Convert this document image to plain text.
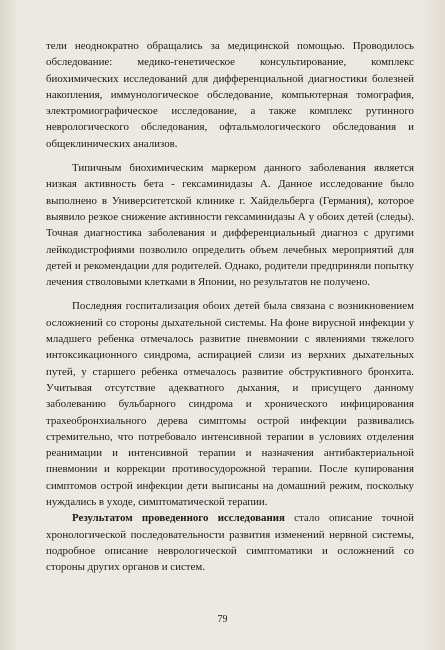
тели неоднократно обращались за медицинской помощью. Проводилось обследование: медико-генетическое консультирование, комплекс биохимических исследований для дифференциальной диагностики болезней накопления, иммунологическое обследование, компьютерная томография, электромиографическое исследование, а также комплекс рутинного неврологического обследования, офтальмологического обследования и общеклинических анализов.

Типичным биохимическим маркером данного заболевания является низкая активность бета - гексаминидазы А. Данное исследование было выполнено в Университетской клинике г. Хайдельберга (Германия), которое выявило резкое снижение активности гексаминидазы А у обоих детей (следы). Точная диагностика заболевания и дифференциальный диагноз с другими лейкодистрофиями позволило определить объем лечебных мероприятий для детей и рекомендации для родителей. Однако, родители предприняли попытку лечения стволовыми клетками в Японии, но результатов не получено.

Последняя госпитализация обоих детей была связана с возникновением осложнений со стороны дыхательной системы. На фоне вирусной инфекции у младшего ребенка отмечалось развитие пневмонии с явлениями тяжелого интоксикационного синдрома, аспирацией слизи из верхних дыхательных путей, у старшего ребенка отмечалось развитие обструктивного бронхита. Учитывая отсутствие адекватного дыхания, и присущего данному заболеванию бульбарного синдрома и хронического инфицирования трахеобронхиального дерева симптомы острой инфекции развивались стремительно, что потребовало интенсивной терапии в условиях отделения реанимации и интенсивной терапии и назначения антибактериальной пневмонии и коррекции противосудорожной терапии. После купирования симптомов острой инфекции дети выписаны на домашний режим, поскольку нуждались в уходе, симптоматической терапии.

Результатом проведенного исследования стало описание точной хронологической последовательности развития изменений нервной системы, подробное описание неврологической симптоматики и осложнений со стороны других органов и систем.

79
